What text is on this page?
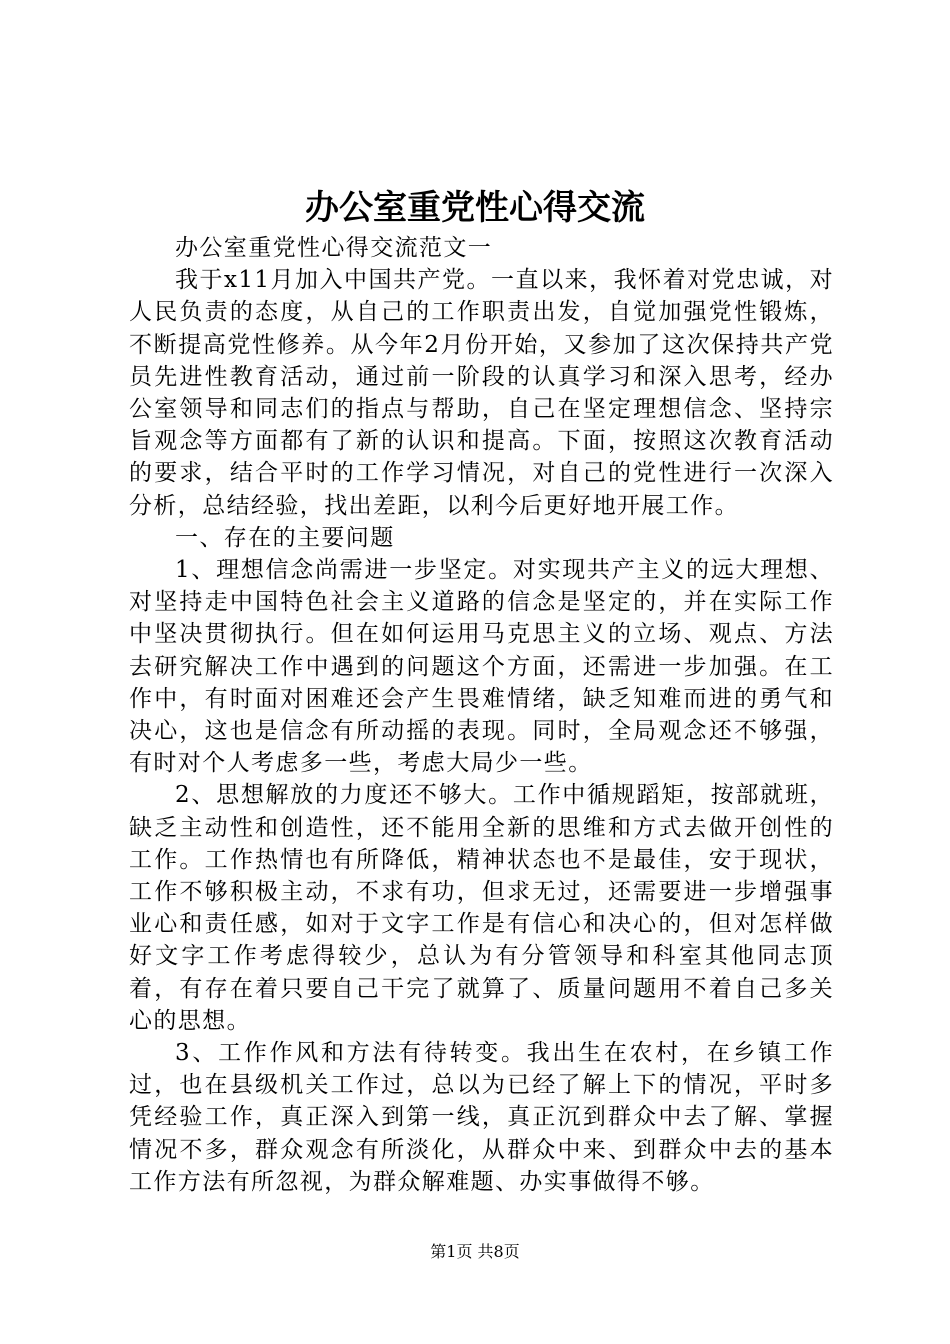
办公室重党性心得交流

办公室重党性心得交流范文一

我于x11月加入中国共产党。一直以来，我怀着对党忠诚，对人民负责的态度，从自己的工作职责出发，自觉加强党性锻炼，不断提高党性修养。从今年2月份开始，又参加了这次保持共产党员先进性教育活动，通过前一阶段的认真学习和深入思考，经办公室领导和同志们的指点与帮助，自己在坚定理想信念、坚持宗旨观念等方面都有了新的认识和提高。下面，按照这次教育活动的要求，结合平时的工作学习情况，对自己的党性进行一次深入分析，总结经验，找出差距，以利今后更好地开展工作。

一、存在的主要问题

1、理想信念尚需进一步坚定。对实现共产主义的远大理想、对坚持走中国特色社会主义道路的信念是坚定的，并在实际工作中坚决贯彻执行。但在如何运用马克思主义的立场、观点、方法去研究解决工作中遇到的问题这个方面，还需进一步加强。在工作中，有时面对困难还会产生畏难情绪，缺乏知难而进的勇气和决心，这也是信念有所动摇的表现。同时，全局观念还不够强，有时对个人考虑多一些，考虑大局少一些。

2、思想解放的力度还不够大。工作中循规蹈矩，按部就班，缺乏主动性和创造性，还不能用全新的思维和方式去做开创性的工作。工作热情也有所降低，精神状态也不是最佳，安于现状，工作不够积极主动，不求有功，但求无过，还需要进一步增强事业心和责任感，如对于文字工作是有信心和决心的，但对怎样做好文字工作考虑得较少，总认为有分管领导和科室其他同志顶着，有存在着只要自己干完了就算了、质量问题用不着自己多关心的思想。

3、工作作风和方法有待转变。我出生在农村，在乡镇工作过，也在县级机关工作过，总以为已经了解上下的情况，平时多凭经验工作，真正深入到第一线，真正沉到群众中去了解、掌握情况不多，群众观念有所淡化，从群众中来、到群众中去的基本工作方法有所忽视，为群众解难题、办实事做得不够。

第1页 共8页
